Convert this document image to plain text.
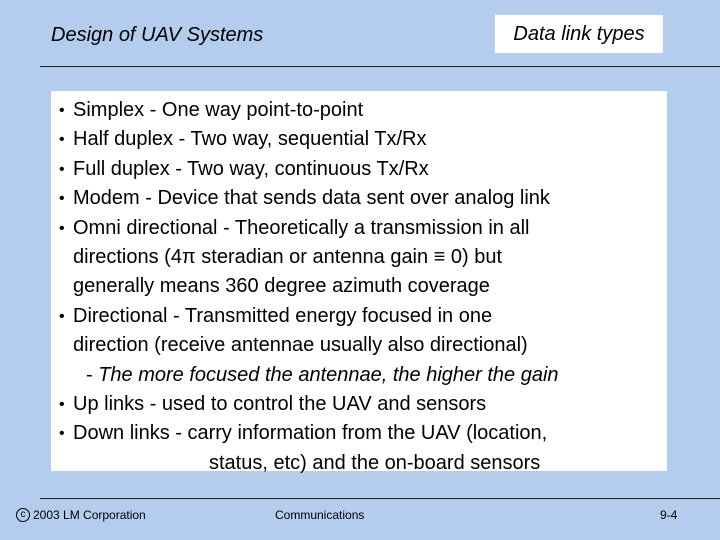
Design of UAV Systems	Data link types
• Simplex - One way point-to-point
• Half duplex - Two way, sequential Tx/Rx
• Full duplex - Two way, continuous Tx/Rx
• Modem - Device that sends data sent over analog link
• Omni directional - Theoretically a transmission in all
directions (4π steradian or antenna gain ≡ 0) but
generally means 360 degree azimuth coverage
• Directional - Transmitted energy focused in one
direction (receive antennae usually also directional)
- The more focused the antennae, the higher the gain
• Up links - used to control the UAV and sensors
• Down links - carry information from the UAV (location,
status, etc) and the on-board sensors
c 2003 LM Corporation	Communications	9-4
